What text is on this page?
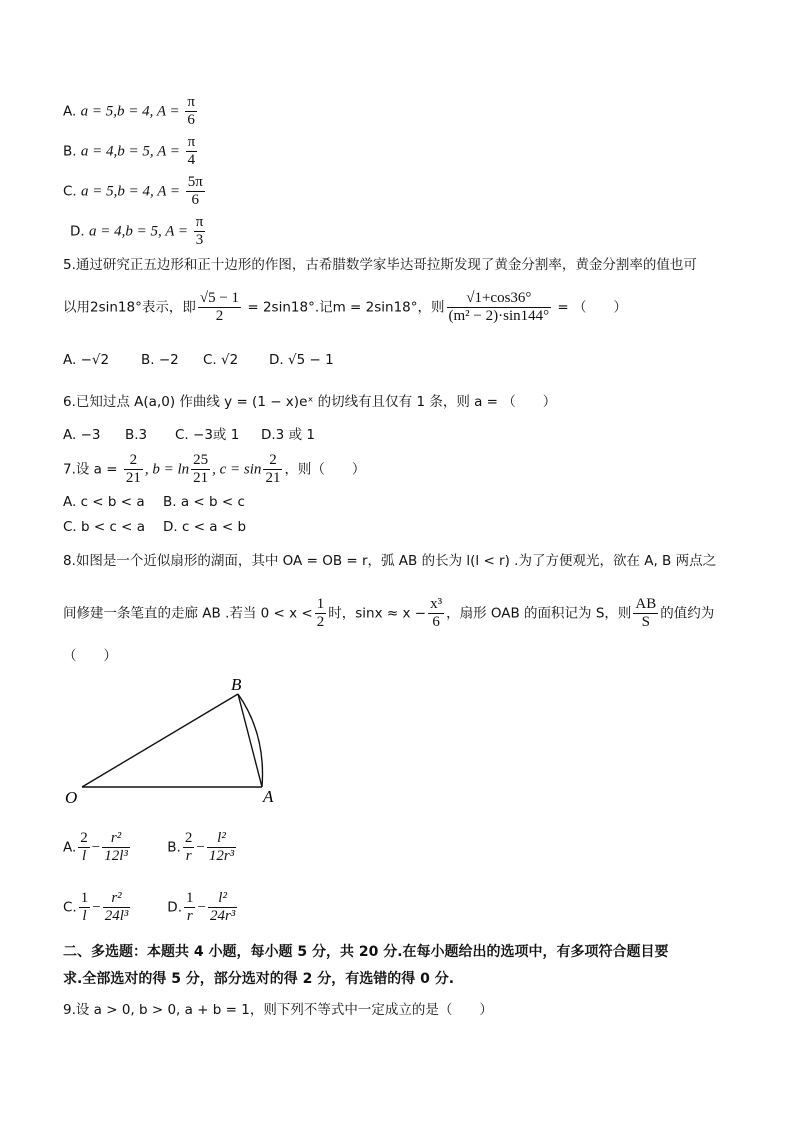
A. a = 5,b = 4, $A = \frac{\pi}{6}$
B. a = 4,b = 5, $A = \frac{\pi}{4}$
C. a = 5,b = 4, $A = \frac{5\pi}{6}$
D. a = 4,b = 5, $A = \frac{\pi}{3}$
5.通过研究正五边形和正十边形的作图，古希腊数学家毕达哥拉斯发现了黄金分割率，黄金分割率的值也可
以用2sin18°表示，即 $\frac{√5 - 1}{2} = 2\sin 18^\circ$.记m = 2sin18°，则 $\frac{√1+\cos 36^\circ}{\text{(m² − 2)·sin144°}}$ = （　　）
A. −√2 B. −2 C. √2 D. √5 − 1
6.已知过点 A(a,0) 作曲线 y = (1 − x)eˣ 的切线有且仅有 1 条，则 a = （　　）
A. −3 B.3 C. −3或 1 D.3 或 1
7.设 $a = \frac{2}{21}$ , $b = \ln \frac{25}{21}$ , $c = \sin \frac{2}{21}$ ，则（　　）
A. c < b < a B. a < b < c
C. b < c < a D. c < a < b
8.如图是一个近似扇形的湖面，其中 OA = OB = r，弧 AB 的长为 l(l < r) .为了方便观光，欲在 A, B 两点之
间修建一条笔直的走廊 AB .若当 $0 < x < \frac{1}{2}$ 时，$\sin x \approx x - \frac{\text{x³}}{6}$ ，扇形 OAB 的面积记为 S，则 $\frac{AB}{S}$ 的值约为
（　　）
O	A
B
A. $\frac{2}{l} - \frac{\text{r²}}{\text{12l³}}$	B. $\frac{2}{r} - \frac{\text{l²}}{\text{12r³}}$
C. $\frac{1}{l} - \frac{\text{r²}}{\text{24l³}}$	D. $\frac{1}{r} - \frac{\text{l²}}{\text{24r³}}$
二、多选题：本题共 4 小题，每小题 5 分，共 20 分.在每小题给出的选项中，有多项符合题目要
求.全部选对的得 5 分，部分选对的得 2 分，有选错的得 0 分.
9.设 a > 0, b > 0, a + b = 1，则下列不等式中一定成立的是（　　）
